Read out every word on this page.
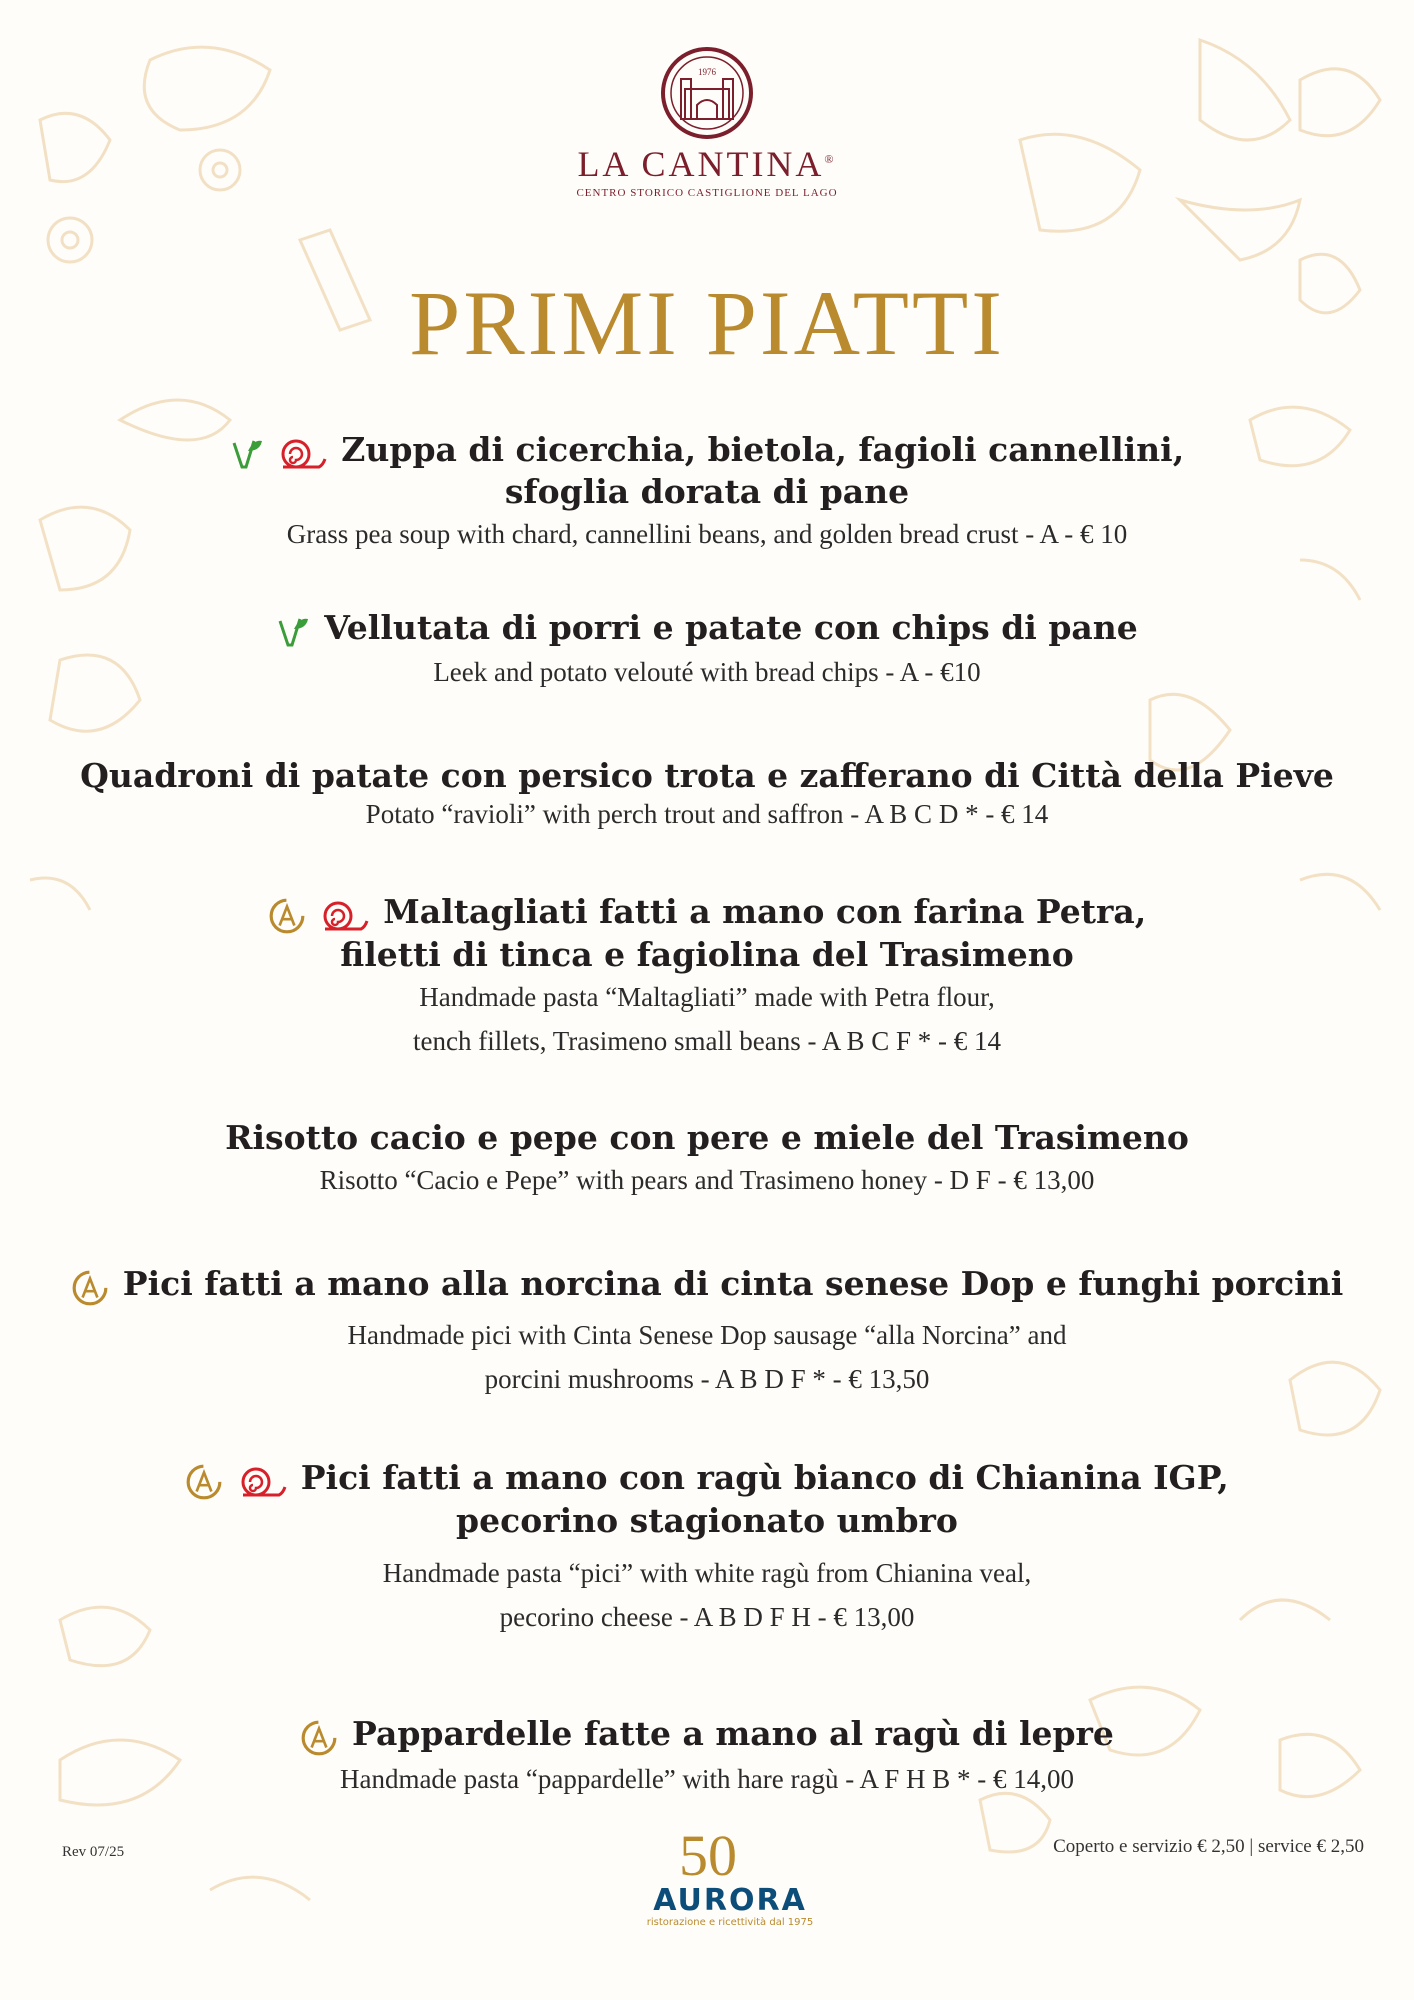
1976
LA CANTINA®
CENTRO STORICO CASTIGLIONE DEL LAGO
PRIMI PIATTI
Zuppa di cicerchia, bietola, fagioli cannellini,
sfoglia dorata di pane
Grass pea soup with chard, cannellini beans, and golden bread crust - A - € 10
Vellutata di porri e patate con chips di pane
Leek and potato velouté with bread chips - A - €10
Quadroni di patate con persico trota e zafferano di Città della Pieve
Potato “ravioli” with perch trout and saffron - A B C D * - € 14
Maltagliati fatti a mano con farina Petra,
filetti di tinca e fagiolina del Trasimeno
Handmade pasta “Maltagliati” made with Petra flour,
tench fillets, Trasimeno small beans - A B C F * - € 14
Risotto cacio e pepe con pere e miele del Trasimeno
Risotto “Cacio e Pepe” with pears and Trasimeno honey - D F - € 13,00
Pici fatti a mano alla norcina di cinta senese Dop e funghi porcini
Handmade pici with Cinta Senese Dop sausage “alla Norcina” and
porcini mushrooms - A B D F * - € 13,50
Pici fatti a mano con ragù bianco di Chianina IGP,
pecorino stagionato umbro
Handmade pasta “pici” with white ragù from Chianina veal,
pecorino cheese - A B D F H - € 13,00
Pappardelle fatte a mano al ragù di lepre
Handmade pasta “pappardelle” with hare ragù - A F H B * - € 14,00
Rev 07/25	50
AURORA
ristorazione e ricettività dal 1975
Coperto e servizio € 2,50 | service € 2,50
